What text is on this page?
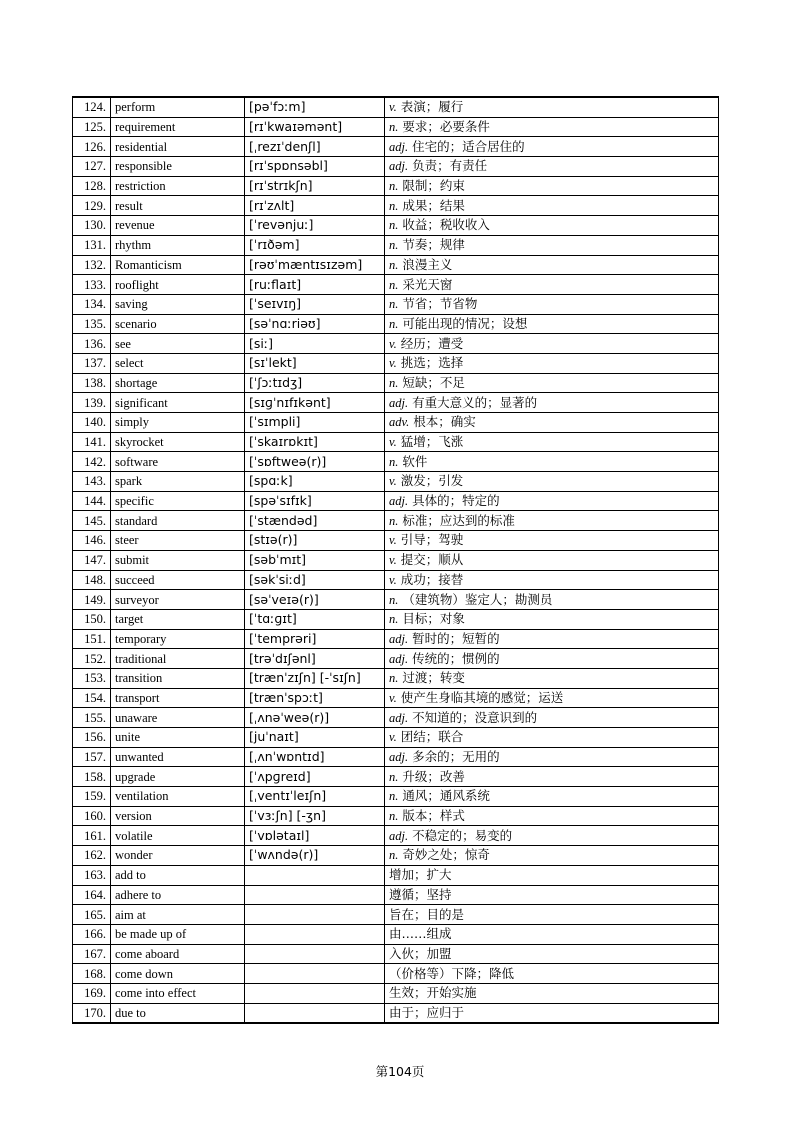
124.	perform	[pəˈfɔːm]	v. 表演；履行
125.	requirement	[rɪˈkwaɪəmənt]	n. 要求；必要条件
126.	residential	[ˌrezɪˈdenʃl]	adj. 住宅的；适合居住的
127.	responsible	[rɪˈspɒnsəbl]	adj. 负责；有责任
128.	restriction	[rɪˈstrɪkʃn]	n. 限制；约束
129.	result	[rɪˈzʌlt]	n. 成果；结果
130.	revenue	[ˈrevənjuː]	n. 收益；税收收入
131.	rhythm	[ˈrɪðəm]	n. 节奏；规律
132.	Romanticism	[rəʊˈmæntɪsɪzəm]	n. 浪漫主义
133.	rooflight	[ruːflaɪt]	n. 采光天窗
134.	saving	[ˈseɪvɪŋ]	n. 节省；节省物
135.	scenario	[səˈnɑːriəʊ]	n. 可能出现的情况；设想
136.	see	[siː]	v. 经历；遭受
137.	select	[sɪˈlekt]	v. 挑选；选择
138.	shortage	[ˈʃɔːtɪdʒ]	n. 短缺；不足
139.	significant	[sɪɡˈnɪfɪkənt]	adj. 有重大意义的；显著的
140.	simply	[ˈsɪmpli]	adv. 根本；确实
141.	skyrocket	[ˈskaɪrɒkɪt]	v. 猛增；飞涨
142.	software	[ˈsɒftweə(r)]	n. 软件
143.	spark	[spɑːk]	v. 激发；引发
144.	specific	[spəˈsɪfɪk]	adj. 具体的；特定的
145.	standard	[ˈstændəd]	n. 标准；应达到的标准
146.	steer	[stɪə(r)]	v. 引导；驾驶
147.	submit	[səbˈmɪt]	v. 提交；顺从
148.	succeed	[səkˈsiːd]	v. 成功；接替
149.	surveyor	[səˈveɪə(r)]	n. （建筑物）鉴定人；勘测员
150.	target	[ˈtɑːɡɪt]	n. 目标；对象
151.	temporary	[ˈtemprəri]	adj. 暂时的；短暂的
152.	traditional	[trəˈdɪʃənl]	adj. 传统的；惯例的
153.	transition	[trænˈzɪʃn] [-ˈsɪʃn]	n. 过渡；转变
154.	transport	[trænˈspɔːt]	v. 使产生身临其境的感觉；运送
155.	unaware	[ˌʌnəˈweə(r)]	adj. 不知道的；没意识到的
156.	unite	[juˈnaɪt]	v. 团结；联合
157.	unwanted	[ˌʌnˈwɒntɪd]	adj. 多余的；无用的
158.	upgrade	[ˈʌpɡreɪd]	n. 升级；改善
159.	ventilation	[ˌventɪˈleɪʃn]	n. 通风；通风系统
160.	version	[ˈvɜːʃn] [-ʒn]	n. 版本；样式
161.	volatile	[ˈvɒlətaɪl]	adj. 不稳定的；易变的
162.	wonder	[ˈwʌndə(r)]	n. 奇妙之处；惊奇
163.	add to		增加；扩大
164.	adhere to		遵循；坚持
165.	aim at		旨在；目的是
166.	be made up of		由……组成
167.	come aboard		入伙；加盟
168.	come down		（价格等）下降；降低
169.	come into effect		生效；开始实施
170.	due to		由于；应归于
第104页
